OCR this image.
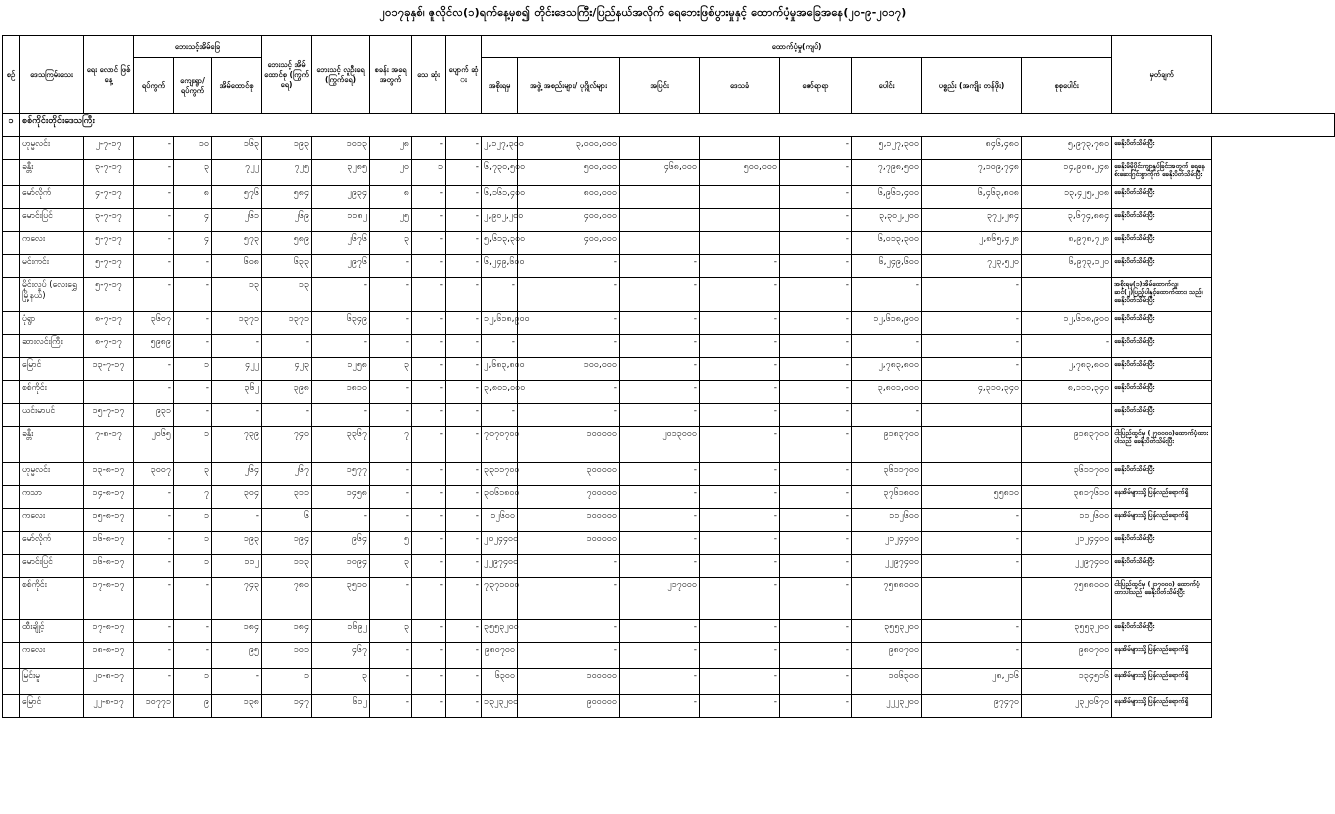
၂၀၁၇ခုနှစ်၊ ဇူလိုင်လ(၁)ရက်နေ့မှစ၍ တိုင်းဒေသကြီး/ပြည်နယ်အလိုက် ရေဘေးဖြစ်ပွားမှုနှင့် ထောက်ပံ့မှုအခြေအနေ(၂၀-၉-၂၀၁၇)
စဉ်	ဒေသကြမ်းသေး	ရေး လောင် ဖြစ်နေ့	ဘေးသင့်အိမ်ခြေ			ဘေးသင့် အိမ် ထောင်စု (ကြွက်ရေ)	ဘေးသင့် လူဦးရေ (ကြွက်ရေ)	စခန်း အရေ အတွက်	သေ ဆုံး	ပျောက် ဆုံ း	ထောက်ပံ့မှု(ကျပ်)								မှတ်ချက်
			ရပ်ကွက်	ကျေးရွာ/ ရပ်ကွက်	အိမ်ထောင်စု						အစိုးရမှ	အဖွဲ့ အစည်းများ/ ပုဂ္ဂိုလ်များ	အပြင်း	ဒေသခံ	ဇော်ရာရာ	ပေါင်း	ပစ္စည်း (အကျိုး တန်ဖိုး)	စုစုပေါင်း	
၁	စစ်ကိုင်းတိုင်းဒေသကြီး																		
	ဟုမ္မလင်း	၂-၇-၁၇	-	၁၀	၁၆၃	၁၉၃	၁၀၁၃	၂၈	-	-	၂,၁၂၇,၃၀၀	၃,၀၀၀,၀၀၀			-	၅,၁၂၇,၃၀၀	၈၄၆,၄၈၀	၅,၉၇၃,၇၈၀	ခေနိုးပိတ်သိမ်းပြီး
	ခန္တီး	၃-၇-၁၇	-	၃	၇၂၂	၇၂၅	၃၂၈၅	၂၀	၁	-	၆,၇၃၀,၅၀၀	၅၀၀,၀၀၀	၄၆၈,၀၀၀	၅၀၀,၀၀၀	-	၇,၇၉၈,၅၀၀	၇,၁၀၉,၇၄၈	၁၄,၉၀၈,၂၄၈	ခေနိုးမိမိုပိုင်းကျွာနှုပ်ခြင်းအတွက် ရေနေစ်းဆေးဂြင်းစွာကိုက် ခေနိုးပိတ်သိမ်းပြီး
	မော်လိုက်	၄-၇-၁၇	-	၈	၅၇၆	၅၈၄	၂၉၃၄	၈	-	-	၆,၁၆၁,၄၀၀	၈၀၀,၀၀၀			-	၆,၉၆၁,၄၀၀	၆,၄၆၃,၈၀၈	၁၃,၄၂၅,၂၀၈	ခေနိုးပိတ်သိမ်းပြီး
	မောင်းပြင်	၃-၇-၁၇	-	၄	၂၆၁	၂၆၉	၁၁၈၂	၂၅	-	-	၂,၉၀၂,၂၀၀	၄၀၀,၀၀၀			-	၃,၃၀၂,၂၀၀	၃၇၂,၂၈၄	၃,၆၇၄,၈၈၄	ခေနိုးပိတ်သိမ်းပြီး
	ကလေး	၅-၇-၁၇	-	၄	၅၇၃	၅၈၉	၂၆၇၆	၃	-	-	၅,၆၁၃,၃၀၀	၄၀၀,၀၀၀			-	၆,၀၁၃,၃၀၀	၂,၈၆၅,၄၂၈	၈,၉၇၈,၇၂၈	ခေနိုးပိတ်သိမ်းပြီး
	မင်းကင်း	၅-၇-၁၇	-	-	၆၀၈	၆၃၃	၂၉၇၆	-	-	-	၆,၂၄၉,၆၀၀	-	-	-	-	၆,၂၄၉,၆၀၀	၇၂၃,၅၂၀	၆,၉၇၃,၁၂၀	ခေနိုးပိတ်သိမ်းပြီး
	မိုင်းလှုပ် (လေးရွှေမြို့နယ်)	၅-၇-၁၇	-	-	၁၃	၁၃	-	-	-	-	-	-	-	-	-	-	-		အစိုးရမှ(၁)အိမ်ထောက်လှူ၊ ဆင်(၂)ပြည့်ပါနှင့်ထောက်ထား၊ သည်၊ ခေနိုးပိတ်သိမ်းပြီး
	ပုံရွာ	၈-၇-၁၇	၃၆၀၇	-	၁၃၇၁	၁၃၇၁	၆၃၄၉	-	-	-	၁၂,၆၁၈,၉၀၀	-	-	-	-	၁၂,၆၁၈,၉၀၀	-	၁၂,၆၁၈,၉၀၀	ခေနိုးပိတ်သိမ်းပြီး
	ဆားလင်းကြီး	၈-၇-၁၇	၅၉၈၉	-	-	-	-	-	-	-	-	-	-	-	-	-	-	-	ခေနိုးပိတ်သိမ်းပြီး
	မြောင်	၁၃-၇-၁၇	-	၁	၄၂၂	၄၂၃	၁၂၅၈	၃	-	-	၂,၆၈၃,၈၀၀	၁၀၀,၀၀၀	-	-	-	၂,၇၈၃,၈၀၀	-	၂,၇၈၃,၈၀၀	ခေနိုးပိတ်သိမ်းပြီး
	စစ်ကိုင်း		-	-	၃၆၂	၃၉၈	၁၈၁၀	-	-	-	၃,၈၀၁,၀၀၀	-	-	-	-	၃,၈၀၁,၀၀၀	၄,၃၁၀,၃၄၀	၈,၁၁၁,၃၄၀	ခေနိုးပိတ်သိမ်းပြီး
	ယင်းမာပင်	၁၅-၇-၁၇	၉၃၁	-	-	-	-	-	-	-	-	-	-	-	-	-			ခေနိုးပိတ်သိမ်းပြီး
	ခန္တီး	၇-၈-၁၇	၂၀၆၅	၁	၇၃၉	၇၄၀	၃၃၆၇	၇	-	-	၇၀၇၀၇၀၀	၁၀၀၀၀၀	၂၀၁၃၀၀၀	-	-	၉၁၈၃၇၀၀		၉၁၈၃၇၀၀	ငါးပြည်ထွင်မှ (၂၇၀၀၀၀)ထောက်ပံ့ထားပါသည် ခေနိုးပိတ်သိမ်းပြီး
	ဟုမ္မလင်း	၁၃-၈-၁၇	၃၀၀၇	၃	၂၆၄	၂၆၇	၁၅၇၇	-	-	-	၃၃၁၁၇၀၀	၃၀၀၀၀၀	-	-	-	၃၆၁၁၇၀၀		၃၆၁၁၇၀၀	ခေနိုးပိတ်သိမ်းပြီး
	ကသာ	၁၄-၈-၁၇	-	၇	၃၀၄	၃၁၁	၁၄၅၈	-	-	-	၃၀၆၁၈၀၀	၇၀၀၀၀၀	-	-	-	၃၇၆၁၈၀၀	၅၅၈၁၀	၃၈၁၇၆၁၀	နေအိမ်များသို့ပြန်လည်ရောက်ရှိ
	ကလေး	၁၅-၈-၁၇	-	၁	-	၆	-	-	-	-	၁၂၆၀၀	၁၀၀၀၀၀	-	-	-	၁၁၂၆၀၀	-	၁၁၂၆၀၀	နေအိမ်များသို့ပြန်လည်ရောက်ရှိ
	မော်လိုက်	၁၆-၈-၁၇	-	၁	၁၉၃	၁၉၄	၉၆၄	၅	-	-	၂၀၂၄၄၀၀	၁၀၀၀၀၀	-	-	-	၂၁၂၄၄၀၀	-	၂၁၂၄၄၀၀	ခေနိုးပိတ်သိမ်းပြီး
	မောင်းပြင်	၁၆-၈-၁၇	-	၁	၁၁၂	၁၁၃	၁၀၉၄	၃	-	-	၂၂၉၇၄၀၀	-	-	-	-	၂၂၉၇၄၀၀	-	၂၂၉၇၄၀၀	ခေနိုးပိတ်သိမ်းပြီး
	စစ်ကိုင်း	၁၇-၈-၁၇	-	-	၇၄၃	၇၈၀	၃၅၁၀	-	-	-	၇၃၇၁၀၀၀	-	၂၁၇၀၀၀	-	-	၇၅၈၈၀၀၀		၇၅၈၈၀၀၀	ငါးပြည်ထွင်မှ (၂၁၇၀၀၀) ထောက်ပံ့ထားပါသည် ခေနိုးပိတ်သိမ်းပြီး
	ထီးချိုင့်	၁၇-၈-၁၇	-	-	၁၈၄	၁၈၄	၁၆၉၂	၃	-	-	၃၅၅၃၂၀၀	-	-	-	-	၃၅၅၃၂၀၀	-	၃၅၅၃၂၀၀	ခေနိုးပိတ်သိမ်းပြီး
	ကလေး	၁၈-၈-၁၇	-	-	၉၅	၁၀၁	၄၆၇	-	-	-	၉၈၀၇၀၀	-	-	-	-	၉၈၀၇၀၀	-	၉၈၀၇၀၀	နေအိမ်များသို့ပြန်လည်ရောက်ရှိ
	မြင်းမူ	၂၀-၈-၁၇	-	၁	-	၁	၃	-	-	-	၆၃၀၀	၁၀၀၀၀၀	-	-	-	၁၀၆၃၀၀	၂၈,၂၁၆	၁၃၄၅၁၆	နေအိမ်များသို့ပြန်လည်ရောက်ရှိ
	မြောင်	၂၂-၈-၁၇	၁၀၇၇၁	၉	၁၃၈	၁၄၇	၆၁၂	-	-	-	၁၃၂၃၂၀၀	၉၀၀၀၀၀	-	-	-	၂၂၂၃၂၀၀	၉၇၄၇၀	၂၃၂၀၆၇၀	နေအိမ်များသို့ပြန်လည်ရောက်ရှိ
